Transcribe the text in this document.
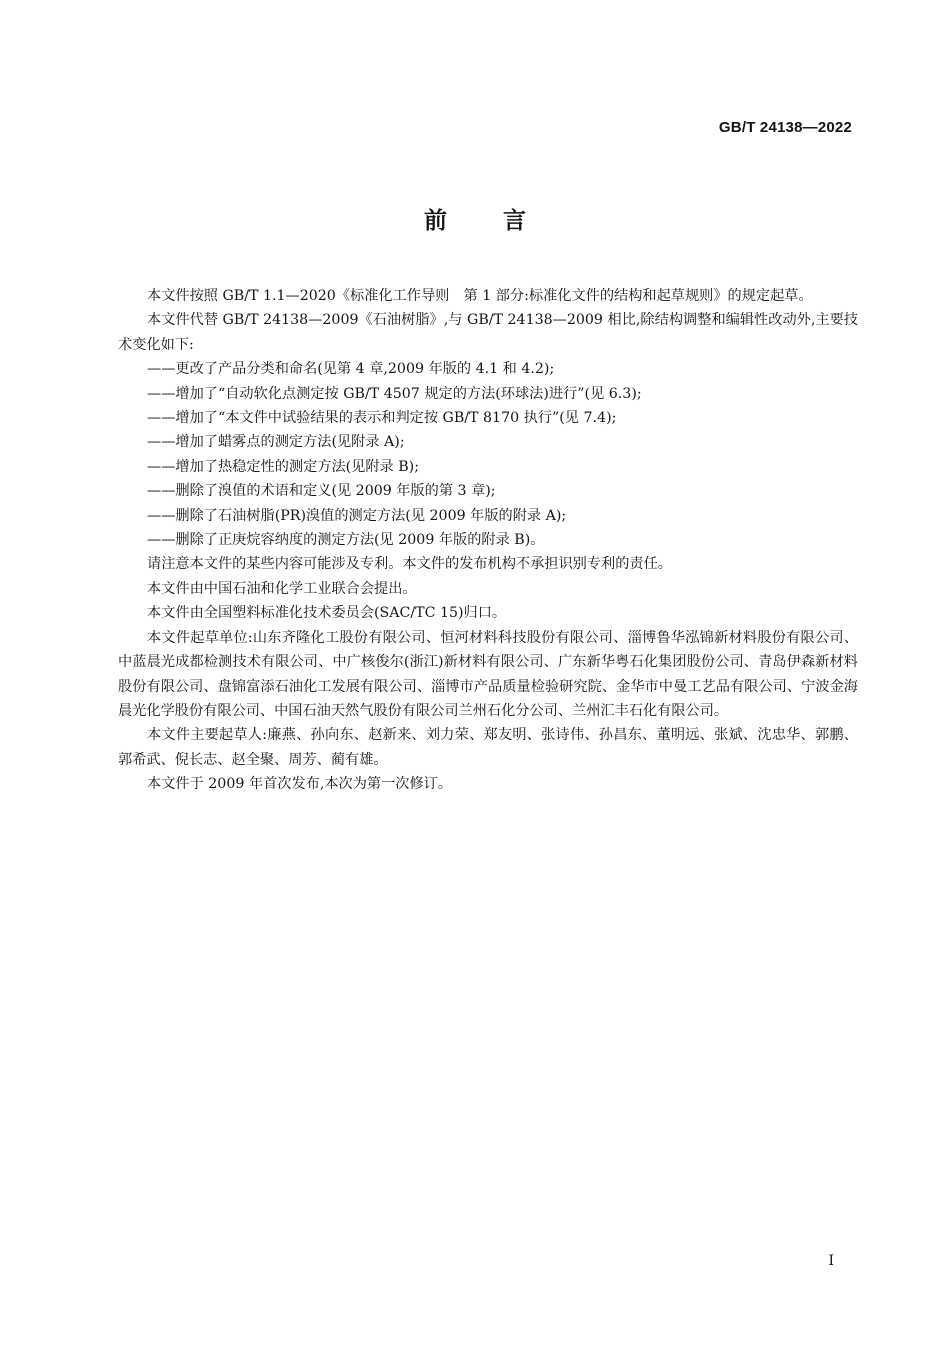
GB/T 24138—2022
前言

本文件按照 GB/T 1.1—2020《标准化工作导则　第 1 部分:标准化文件的结构和起草规则》的规定起草。

本文件代替 GB/T 24138—2009《石油树脂》,与 GB/T 24138—2009 相比,除结构调整和编辑性改动外,主要技术变化如下:

——更改了产品分类和命名(见第 4 章,2009 年版的 4.1 和 4.2);

——增加了“自动软化点测定按 GB/T 4507 规定的方法(环球法)进行”(见 6.3);

——增加了“本文件中试验结果的表示和判定按 GB/T 8170 执行”(见 7.4);

——增加了蜡雾点的测定方法(见附录 A);

——增加了热稳定性的测定方法(见附录 B);

——删除了溴值的术语和定义(见 2009 年版的第 3 章);

——删除了石油树脂(PR)溴值的测定方法(见 2009 年版的附录 A);

——删除了正庚烷容纳度的测定方法(见 2009 年版的附录 B)。

请注意本文件的某些内容可能涉及专利。本文件的发布机构不承担识别专利的责任。

本文件由中国石油和化学工业联合会提出。

本文件由全国塑料标准化技术委员会(SAC/TC 15)归口。

本文件起草单位:山东齐隆化工股份有限公司、恒河材料科技股份有限公司、淄博鲁华泓锦新材料股份有限公司、中蓝晨光成都检测技术有限公司、中广核俊尔(浙江)新材料有限公司、广东新华粤石化集团股份公司、青岛伊森新材料股份有限公司、盘锦富添石油化工发展有限公司、淄博市产品质量检验研究院、金华市中曼工艺品有限公司、宁波金海晨光化学股份有限公司、中国石油天然气股份有限公司兰州石化分公司、兰州汇丰石化有限公司。

本文件主要起草人:廉燕、孙向东、赵新来、刘力荣、郑友明、张诗伟、孙昌东、董明远、张斌、沈忠华、郭鹏、郭希武、倪长志、赵全聚、周芳、蔺有雄。

本文件于 2009 年首次发布,本次为第一次修订。

I
